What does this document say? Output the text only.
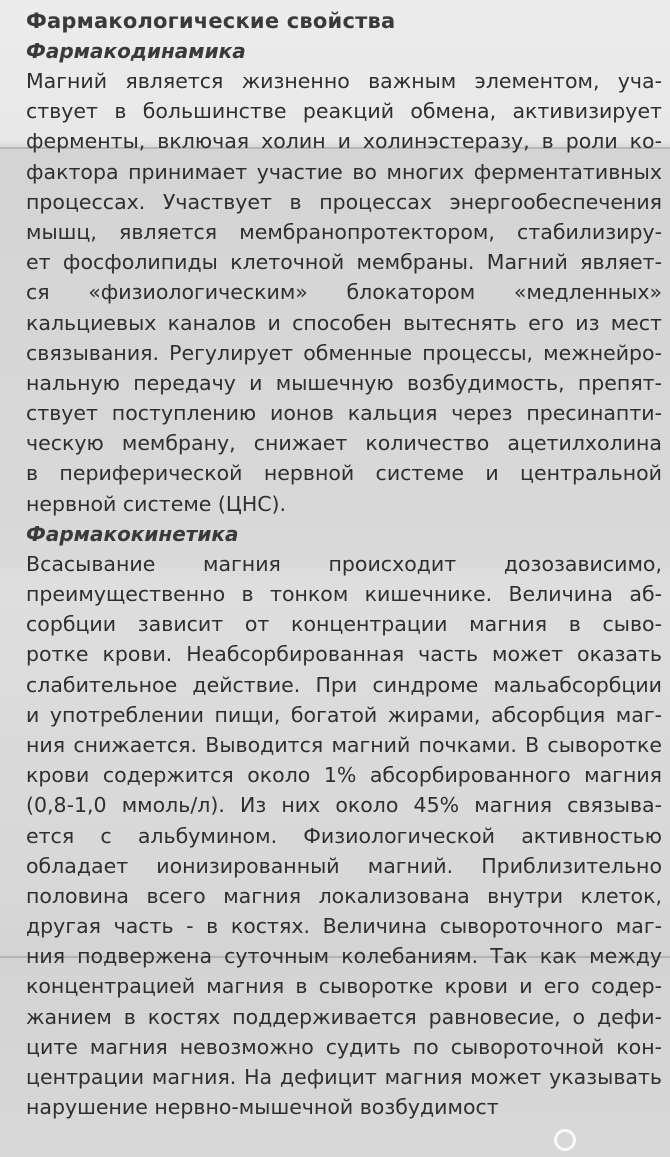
Фармакологические свойства
Фармакодинамика
Магний является жизненно важным элементом, уча-
ствует в большинстве реакций обмена, активизирует
ферменты, включая холин и холинэстеразу, в роли ко-
фактора принимает участие во многих ферментативных
процессах. Участвует в процессах энергообеспечения
мышц, является мембранопротектором, стабилизиру-
ет фосфолипиды клеточной мембраны. Магний являет-
ся «физиологическим» блокатором «медленных»
кальциевых каналов и способен вытеснять его из мест
связывания. Регулирует обменные процессы, межнейро-
нальную передачу и мышечную возбудимость, препят-
ствует поступлению ионов кальция через пресинапти-
ческую мембрану, снижает количество ацетилхолина
в периферической нервной системе и центральной
нервной системе (ЦНС).
Фармакокинетика
Всасывание магния происходит дозозависимо,
преимущественно в тонком кишечнике. Величина аб-
сорбции зависит от концентрации магния в сыво-
ротке крови. Неабсорбированная часть может оказать
слабительное действие. При синдроме мальабсорбции
и употреблении пищи, богатой жирами, абсорбция маг-
ния снижается. Выводится магний почками. В сыворотке
крови содержится около 1% абсорбированного магния
(0,8-1,0 ммоль/л). Из них около 45% магния связыва-
ется с альбумином. Физиологической активностью
обладает ионизированный магний. Приблизительно
половина всего магния локализована внутри клеток,
другая часть - в костях. Величина сывороточного маг-
ния подвержена суточным колебаниям. Так как между
концентрацией магния в сыворотке крови и его содер-
жанием в костях поддерживается равновесие, о дефи-
ците магния невозможно судить по сывороточной кон-
центрации магния. На дефицит магния может указывать
нарушение нервно-мышечной возбудимост
